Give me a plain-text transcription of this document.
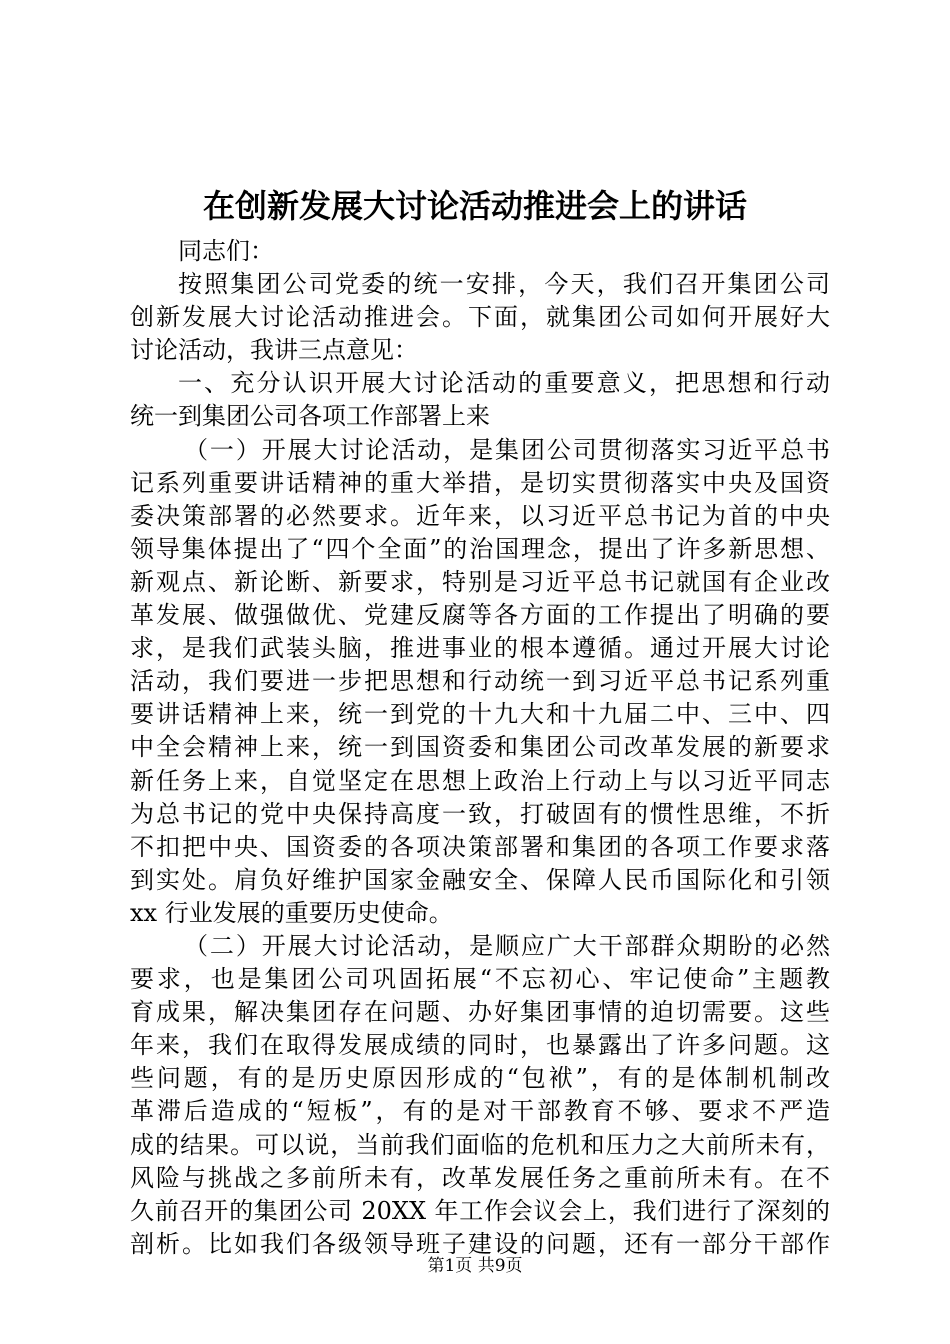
在创新发展大讨论活动推进会上的讲话
同志们：
按照集团公司党委的统一安排，今天，我们召开集团公司
创新发展大讨论活动推进会。下面，就集团公司如何开展好大
讨论活动，我讲三点意见：
一、充分认识开展大讨论活动的重要意义，把思想和行动
统一到集团公司各项工作部署上来
（一）开展大讨论活动，是集团公司贯彻落实习近平总书
记系列重要讲话精神的重大举措，是切实贯彻落实中央及国资
委决策部署的必然要求。近年来，以习近平总书记为首的中央
领导集体提出了“四个全面”的治国理念，提出了许多新思想、
新观点、新论断、新要求，特别是习近平总书记就国有企业改
革发展、做强做优、党建反腐等各方面的工作提出了明确的要
求，是我们武装头脑，推进事业的根本遵循。通过开展大讨论
活动，我们要进一步把思想和行动统一到习近平总书记系列重
要讲话精神上来，统一到党的十九大和十九届二中、三中、四
中全会精神上来，统一到国资委和集团公司改革发展的新要求
新任务上来，自觉坚定在思想上政治上行动上与以习近平同志
为总书记的党中央保持高度一致，打破固有的惯性思维，不折
不扣把中央、国资委的各项决策部署和集团的各项工作要求落
到实处。肩负好维护国家金融安全、保障人民币国际化和引领
xx 行业发展的重要历史使命。
（二）开展大讨论活动，是顺应广大干部群众期盼的必然
要求，也是集团公司巩固拓展“不忘初心、牢记使命”主题教
育成果，解决集团存在问题、办好集团事情的迫切需要。这些
年来，我们在取得发展成绩的同时，也暴露出了许多问题。这
些问题，有的是历史原因形成的“包袱”，有的是体制机制改
革滞后造成的“短板”，有的是对干部教育不够、要求不严造
成的结果。可以说，当前我们面临的危机和压力之大前所未有，
风险与挑战之多前所未有，改革发展任务之重前所未有。在不
久前召开的集团公司 20XX 年工作会议会上，我们进行了深刻的
剖析。比如我们各级领导班子建设的问题，还有一部分干部作
第1页 共9页
